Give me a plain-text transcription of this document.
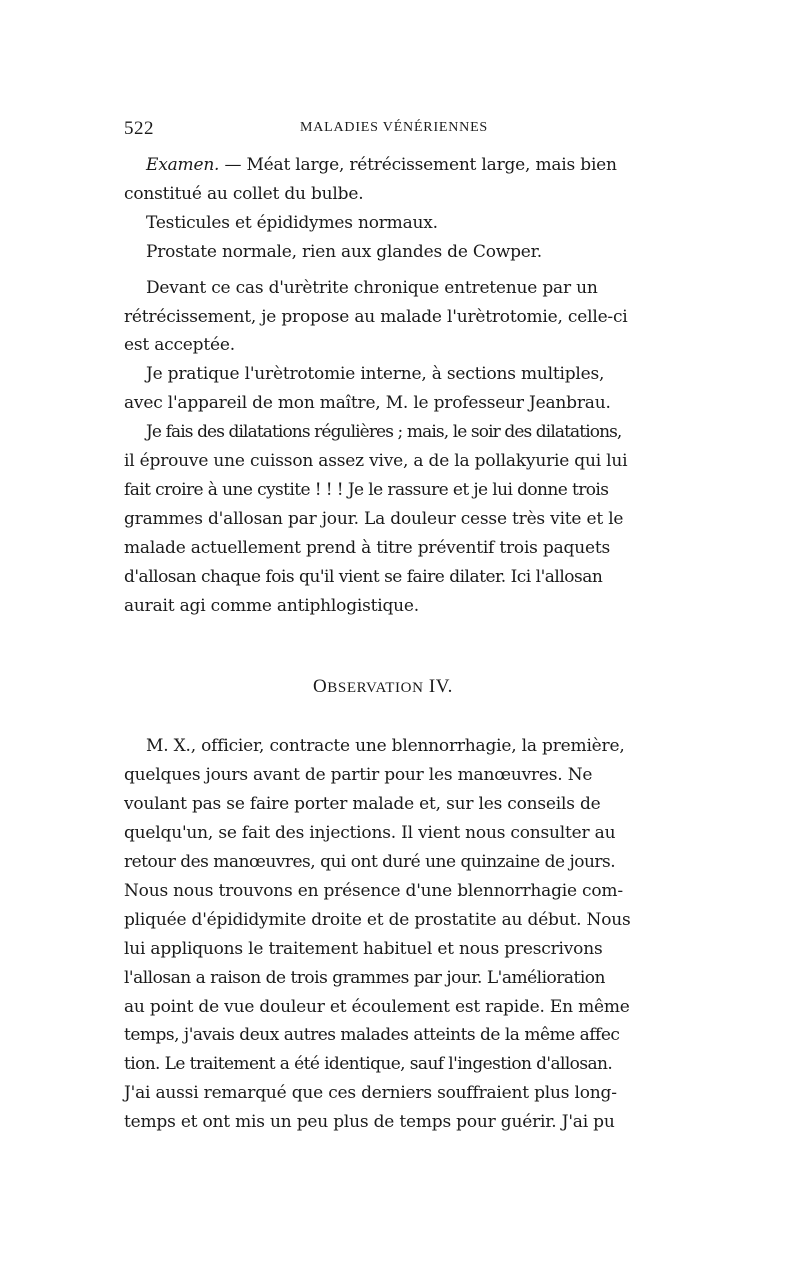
522	MALADIES VÉNÉRIENNES

Examen. — Méat large, rétrécissement large, mais bien
constitué au collet du bulbe.
Testicules et épididymes normaux.
Prostate normale, rien aux glandes de Cowper.

Devant ce cas d'urètrite chronique entretenue par un
rétrécissement, je propose au malade l'urètrotomie, celle-ci
est acceptée.

Je pratique l'urètrotomie interne, à sections multiples,
avec l'appareil de mon maître, M. le professeur Jeanbrau.

Je fais des dilatations régulières ; mais, le soir des dilatations,
il éprouve une cuisson assez vive, a de la pollakyurie qui lui
fait croire à une cystite ! ! ! Je le rassure et je lui donne trois
grammes d'allosan par jour. La douleur cesse très vite et le
malade actuellement prend à titre préventif trois paquets
d'allosan chaque fois qu'il vient se faire dilater. Ici l'allosan
aurait agi comme antiphlogistique.

OBSERVATION IV.

M. X., officier, contracte une blennorrhagie, la première,
quelques jours avant de partir pour les manœuvres. Ne
voulant pas se faire porter malade et, sur les conseils de
quelqu'un, se fait des injections. Il vient nous consulter au
retour des manœuvres, qui ont duré une quinzaine de jours.
Nous nous trouvons en présence d'une blennorrhagie com-
pliquée d'épididymite droite et de prostatite au début. Nous
lui appliquons le traitement habituel et nous prescrivons
l'allosan a raison de trois grammes par jour. L'amélioration
au point de vue douleur et écoulement est rapide. En même
temps, j'avais deux autres malades atteints de la même affec
tion. Le traitement a été identique, sauf l'ingestion d'allosan.
J'ai aussi remarqué que ces derniers souffraient plus long-
temps et ont mis un peu plus de temps pour guérir. J'ai pu
